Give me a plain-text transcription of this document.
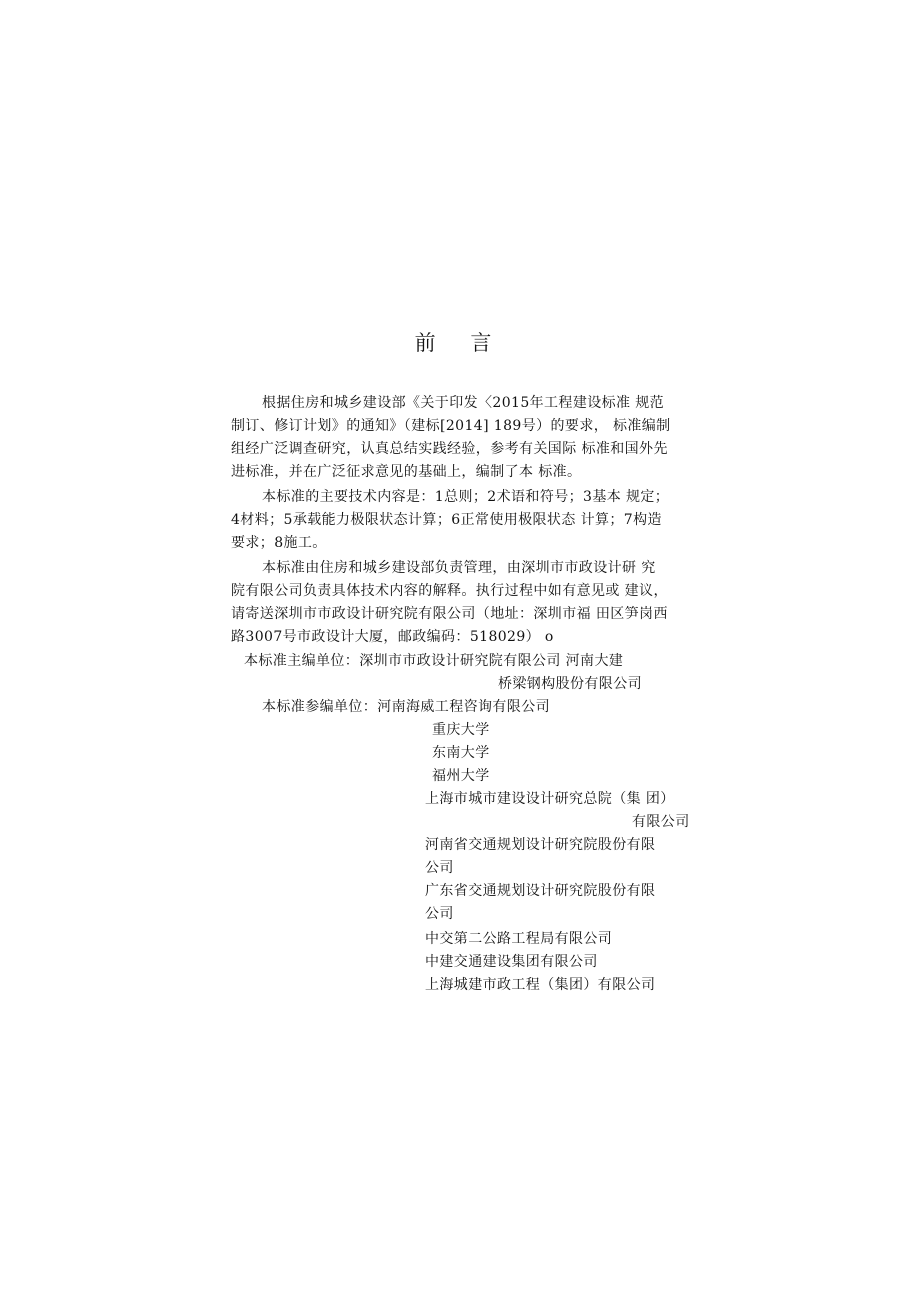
前 言
根据住房和城乡建设部《关于印发〈2015年工程建设标准 规范
制订、修订计划》的通知》（建标[2014] 189号）的要求， 标准编制
组经广泛调查研究，认真总结实践经验，参考有关国际 标准和国外先
进标准，并在广泛征求意见的基础上，编制了本 标准。
本标准的主要技术内容是：1总则；2术语和符号；3基本 规定；
4材料；5承载能力极限状态计算；6正常使用极限状态 计算；7构造
要求；8施工。
本标准由住房和城乡建设部负责管理，由深圳市市政设计研 究
院有限公司负责具体技术内容的解释。执行过程中如有意见或 建议，
请寄送深圳市市政设计研究院有限公司（地址：深圳市福 田区笋岗西
路3007号市政设计大厦，邮政编码：518029） o
本标准主编单位：深圳市市政设计研究院有限公司 河南大建
桥梁钢构股份有限公司
本标准参编单位：河南海威工程咨询有限公司
重庆大学
东南大学
福州大学
上海市城市建设设计研究总院（集 团）
有限公司
河南省交通规划设计研究院股份有限
公司
广东省交通规划设计研究院股份有限
公司
中交第二公路工程局有限公司
中建交通建设集团有限公司
上海城建市政工程（集团）有限公司
